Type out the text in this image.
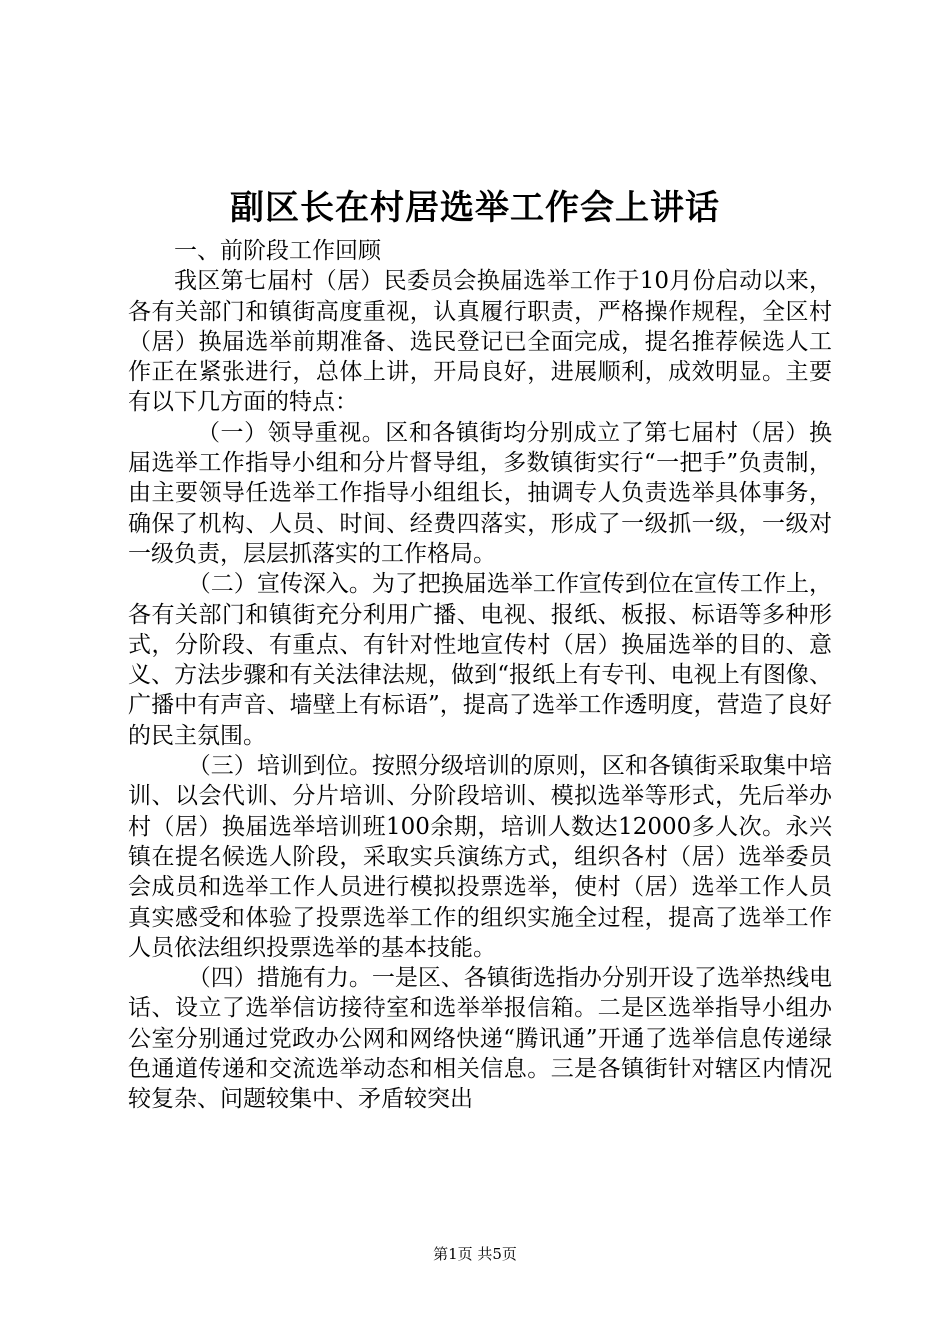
副区长在村居选举工作会上讲话

一、前阶段工作回顾

我区第七届村（居）民委员会换届选举工作于10月份启动以来，各有关部门和镇街高度重视，认真履行职责，严格操作规程，全区村（居）换届选举前期准备、选民登记已全面完成，提名推荐候选人工作正在紧张进行，总体上讲，开局良好，进展顺利，成效明显。主要有以下几方面的特点：

（一）领导重视。区和各镇街均分别成立了第七届村（居）换届选举工作指导小组和分片督导组，多数镇街实行“一把手”负责制，由主要领导任选举工作指导小组组长，抽调专人负责选举具体事务，确保了机构、人员、时间、经费四落实，形成了一级抓一级，一级对一级负责，层层抓落实的工作格局。

（二）宣传深入。为了把换届选举工作宣传到位在宣传工作上，各有关部门和镇街充分利用广播、电视、报纸、板报、标语等多种形式，分阶段、有重点、有针对性地宣传村（居）换届选举的目的、意义、方法步骤和有关法律法规，做到“报纸上有专刊、电视上有图像、广播中有声音、墙壁上有标语”，提高了选举工作透明度，营造了良好的民主氛围。

（三）培训到位。按照分级培训的原则，区和各镇街采取集中培训、以会代训、分片培训、分阶段培训、模拟选举等形式，先后举办村（居）换届选举培训班100余期，培训人数达12000多人次。永兴镇在提名候选人阶段，采取实兵演练方式，组织各村（居）选举委员会成员和选举工作人员进行模拟投票选举，使村（居）选举工作人员真实感受和体验了投票选举工作的组织实施全过程，提高了选举工作人员依法组织投票选举的基本技能。

（四）措施有力。一是区、各镇街选指办分别开设了选举热线电话、设立了选举信访接待室和选举举报信箱。二是区选举指导小组办公室分别通过党政办公网和网络快递“腾讯通”开通了选举信息传递绿色通道传递和交流选举动态和相关信息。三是各镇街针对辖区内情况较复杂、问题较集中、矛盾较突出

第1页 共5页
